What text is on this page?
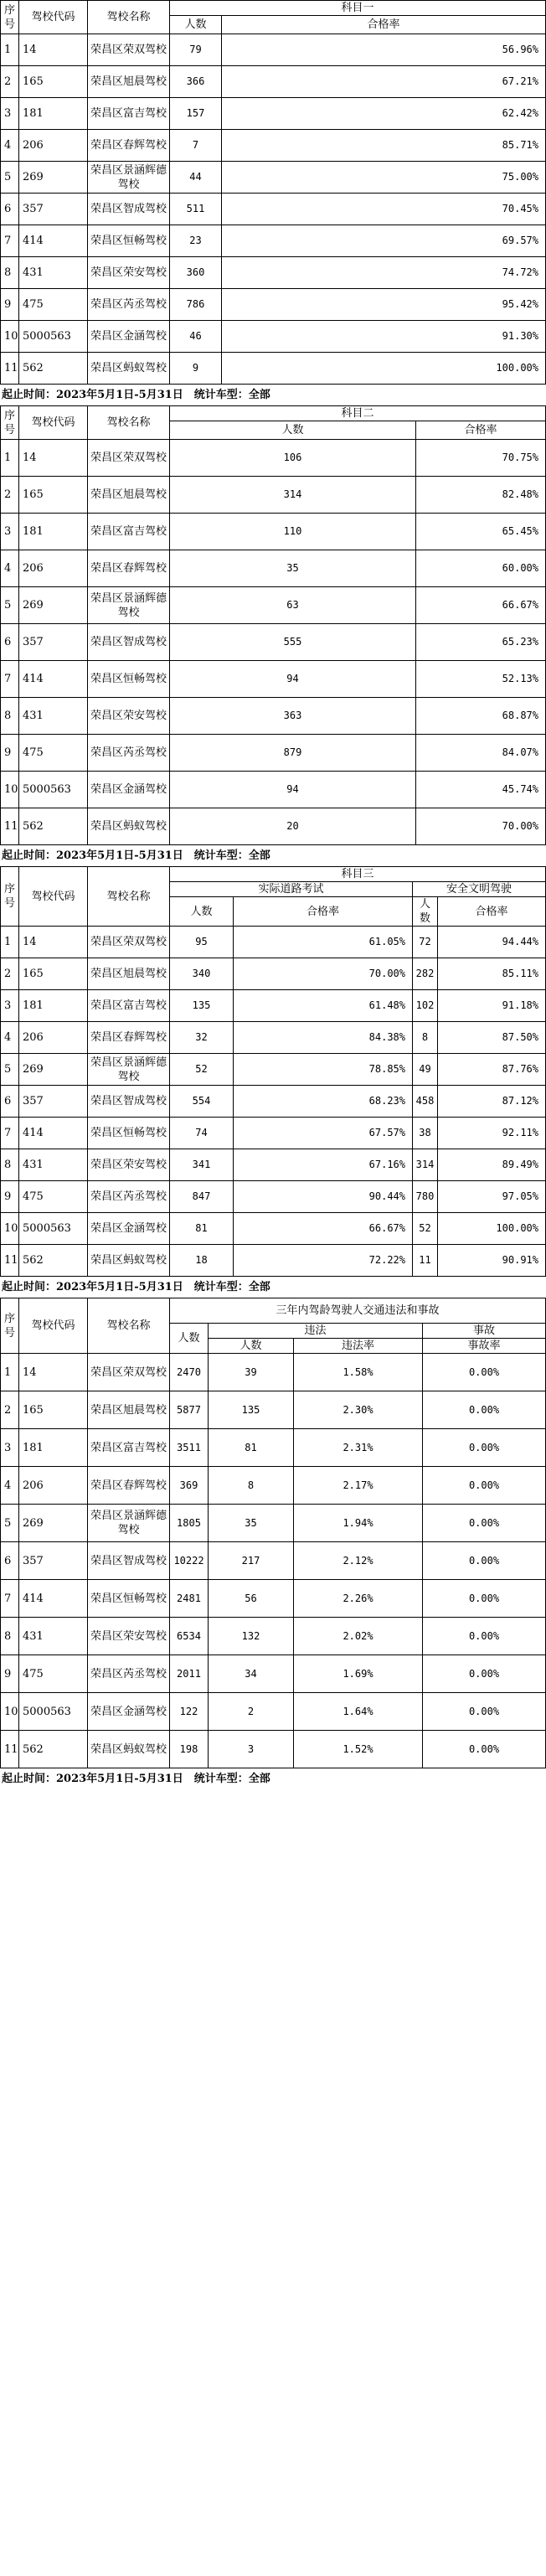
序号	驾校代码	驾校名称	科目一	
			人数	合格率
1	14	荣昌区荣双驾校	79	56.96%
2	165	荣昌区旭晨驾校	366	67.21%
3	181	荣昌区富吉驾校	157	62.42%
4	206	荣昌区春辉驾校	7	85.71%
5	269	荣昌区景涵辉德驾校	44	75.00%
6	357	荣昌区智成驾校	511	70.45%
7	414	荣昌区恒畅驾校	23	69.57%
8	431	荣昌区荣安驾校	360	74.72%
9	475	荣昌区芮丞驾校	786	95.42%
10	5000563	荣昌区金涵驾校	46	91.30%
11	562	荣昌区蚂蚁驾校	9	100.00%
起止时间：2023年5月1日-5月31日　统计车型：全部
序号	驾校代码	驾校名称	科目二	
			人数	合格率
1	14	荣昌区荣双驾校	106	70.75%
2	165	荣昌区旭晨驾校	314	82.48%
3	181	荣昌区富吉驾校	110	65.45%
4	206	荣昌区春辉驾校	35	60.00%
5	269	荣昌区景涵辉德驾校	63	66.67%
6	357	荣昌区智成驾校	555	65.23%
7	414	荣昌区恒畅驾校	94	52.13%
8	431	荣昌区荣安驾校	363	68.87%
9	475	荣昌区芮丞驾校	879	84.07%
10	5000563	荣昌区金涵驾校	94	45.74%
11	562	荣昌区蚂蚁驾校	20	70.00%
起止时间：2023年5月1日-5月31日　统计车型：全部
序号	驾校代码	驾校名称	科目三			
			实际道路考试		安全文明驾驶	
			人数	合格率	人数	合格率
1	14	荣昌区荣双驾校	95	61.05%	72	94.44%
2	165	荣昌区旭晨驾校	340	70.00%	282	85.11%
3	181	荣昌区富吉驾校	135	61.48%	102	91.18%
4	206	荣昌区春辉驾校	32	84.38%	8	87.50%
5	269	荣昌区景涵辉德驾校	52	78.85%	49	87.76%
6	357	荣昌区智成驾校	554	68.23%	458	87.12%
7	414	荣昌区恒畅驾校	74	67.57%	38	92.11%
8	431	荣昌区荣安驾校	341	67.16%	314	89.49%
9	475	荣昌区芮丞驾校	847	90.44%	780	97.05%
10	5000563	荣昌区金涵驾校	81	66.67%	52	100.00%
11	562	荣昌区蚂蚁驾校	18	72.22%	11	90.91%
起止时间：2023年5月1日-5月31日　统计车型：全部
序号	驾校代码	驾校名称	三年内驾龄驾驶人交通违法和事故			
			人数	违法		事故
				人数	违法率	事故率
1	14	荣昌区荣双驾校	2470	39	1.58%	0.00%
2	165	荣昌区旭晨驾校	5877	135	2.30%	0.00%
3	181	荣昌区富吉驾校	3511	81	2.31%	0.00%
4	206	荣昌区春辉驾校	369	8	2.17%	0.00%
5	269	荣昌区景涵辉德驾校	1805	35	1.94%	0.00%
6	357	荣昌区智成驾校	10222	217	2.12%	0.00%
7	414	荣昌区恒畅驾校	2481	56	2.26%	0.00%
8	431	荣昌区荣安驾校	6534	132	2.02%	0.00%
9	475	荣昌区芮丞驾校	2011	34	1.69%	0.00%
10	5000563	荣昌区金涵驾校	122	2	1.64%	0.00%
11	562	荣昌区蚂蚁驾校	198	3	1.52%	0.00%
起止时间：2023年5月1日-5月31日　统计车型：全部
